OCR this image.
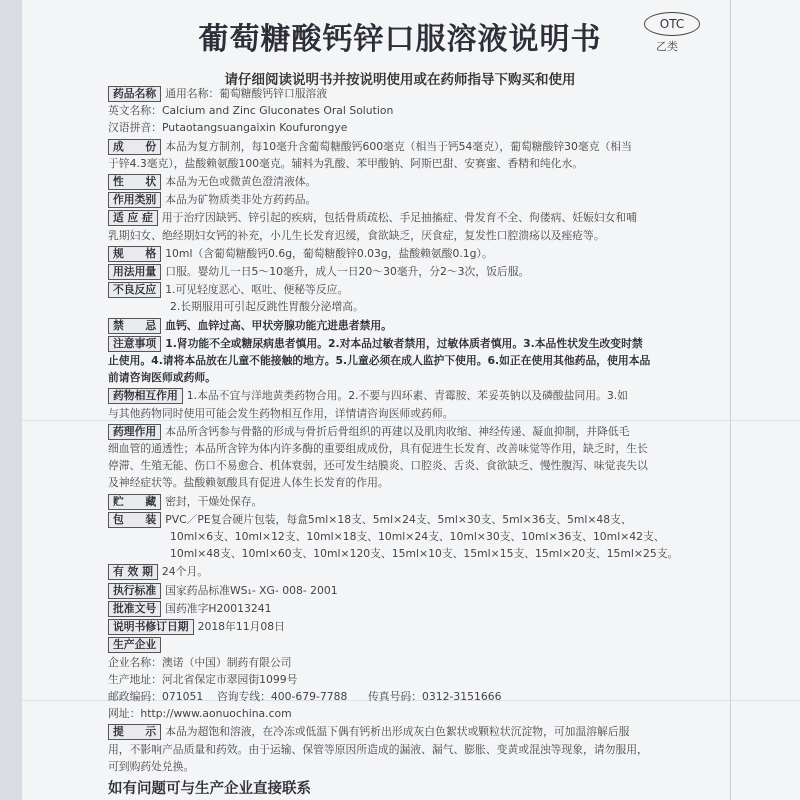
OTC
乙类
葡萄糖酸钙锌口服溶液说明书
请仔细阅读说明书并按说明使用或在药师指导下购买和使用
药品名称 通用名称：葡萄糖酸钙锌口服溶液
英文名称：Calcium and Zinc Gluconates Oral Solution
汉语拼音：Putaotangsuangaixin Koufurongye
成　　份 本品为复方制剂，每10毫升含葡萄糖酸钙600毫克（相当于钙54毫克），葡萄糖酸锌30毫克（相当
于锌4.3毫克），盐酸赖氨酸100毫克。辅料为乳酸、苯甲酸钠、阿斯巴甜、安赛蜜、香精和纯化水。
性　　状 本品为无色或微黄色澄清液体。
作用类别 本品为矿物质类非处方药药品。
适 应 症 用于治疗因缺钙、锌引起的疾病，包括骨质疏松、手足抽搐症、骨发育不全、佝偻病、妊娠妇女和哺
乳期妇女、绝经期妇女钙的补充，小儿生长发育迟缓，食欲缺乏，厌食症，复发性口腔溃疡以及痤疮等。
规　　格 10ml（含葡萄糖酸钙0.6g，葡萄糖酸锌0.03g，盐酸赖氨酸0.1g）。
用法用量 口服。婴幼儿一日5～10毫升，成人一日20～30毫升，分2～3次，饭后服。
不良反应 1.可见轻度恶心、呕吐、便秘等反应。
2.长期服用可引起反跳性胃酸分泌增高。
禁　　忌 血钙、血锌过高、甲状旁腺功能亢进患者禁用。
注意事项 1.肾功能不全或糖尿病患者慎用。2.对本品过敏者禁用，过敏体质者慎用。3.本品性状发生改变时禁
止使用。4.请将本品放在儿童不能接触的地方。5.儿童必须在成人监护下使用。6.如正在使用其他药品，使用本品
前请咨询医师或药师。
药物相互作用 1.本品不宜与洋地黄类药物合用。2.不要与四环素、青霉胺、苯妥英钠以及磷酸盐同用。3.如
与其他药物同时使用可能会发生药物相互作用，详情请咨询医师或药师。
药理作用 本品所含钙参与骨骼的形成与骨折后骨组织的再建以及肌肉收缩、神经传递、凝血抑制，并降低毛
细血管的通透性；本品所含锌为体内许多酶的重要组成成份，具有促进生长发育、改善味觉等作用，缺乏时，生长
停滞、生殖无能、伤口不易愈合、机体衰弱，还可发生结膜炎、口腔炎、舌炎、食欲缺乏、慢性腹泻、味觉丧失以
及神经症状等。盐酸赖氨酸具有促进人体生长发育的作用。
贮　　藏 密封，干燥处保存。
包　　装 PVC／PE复合硬片包装，每盒5ml×18支、5ml×24支、5ml×30支、5ml×36支、5ml×48支、
10ml×6支、10ml×12支、10ml×18支、10ml×24支、10ml×30支、10ml×36支、10ml×42支、
10ml×48支、10ml×60支、10ml×120支、15ml×10支、15ml×15支、15ml×20支、15ml×25支。
有 效 期 24个月。
执行标准 国家药品标准WS₁- XG- 008- 2001
批准文号 国药准字H20013241
说明书修订日期 2018年11月08日
生产企业
企业名称：澳诺（中国）制药有限公司
生产地址：河北省保定市翠园街1099号
邮政编码：071051 咨询专线：400-679-7788 传真号码：0312-3151666
网址：http://www.aonuochina.com
提　　示 本品为超饱和溶液，在冷冻或低温下偶有钙析出形成灰白色絮状或颗粒状沉淀物，可加温溶解后服
用，不影响产品质量和药效。由于运输、保管等原因所造成的漏液、漏气、膨胀、变黄或混浊等现象，请勿服用，
可到购药处兑换。
如有问题可与生产企业直接联系
